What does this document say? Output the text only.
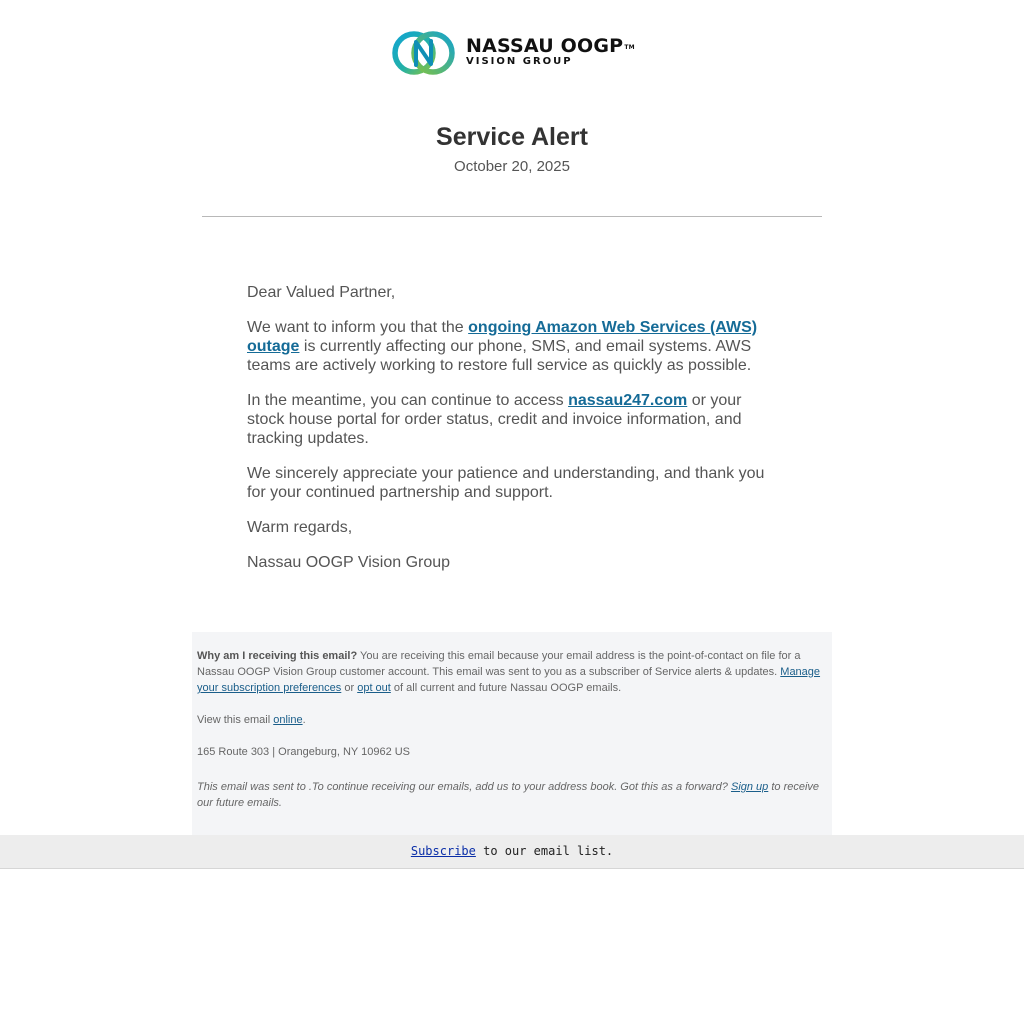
NASSAU OOGP™
VISION GROUP
Service Alert
October 20, 2025

Dear Valued Partner,

We want to inform you that the ongoing Amazon Web Services (AWS) outage is currently affecting our phone, SMS, and email systems. AWS teams are actively working to restore full service as quickly as possible.

In the meantime, you can continue to access nassau247.com or your stock house portal for order status, credit and invoice information, and tracking updates.

We sincerely appreciate your patience and understanding, and thank you for your continued partnership and support.

Warm regards,

Nassau OOGP Vision Group

Why am I receiving this email? You are receiving this email because your email address is the point-of-contact on file for a Nassau OOGP Vision Group customer account. This email was sent to you as a subscriber of Service alerts & updates. Manage your subscription preferences or opt out of all current and future Nassau OOGP emails.

View this email online.

165 Route 303 | Orangeburg, NY 10962 US

This email was sent to .To continue receiving our emails, add us to your address book. Got this as a forward? Sign up to receive our future emails.

Subscribe to our email list.
